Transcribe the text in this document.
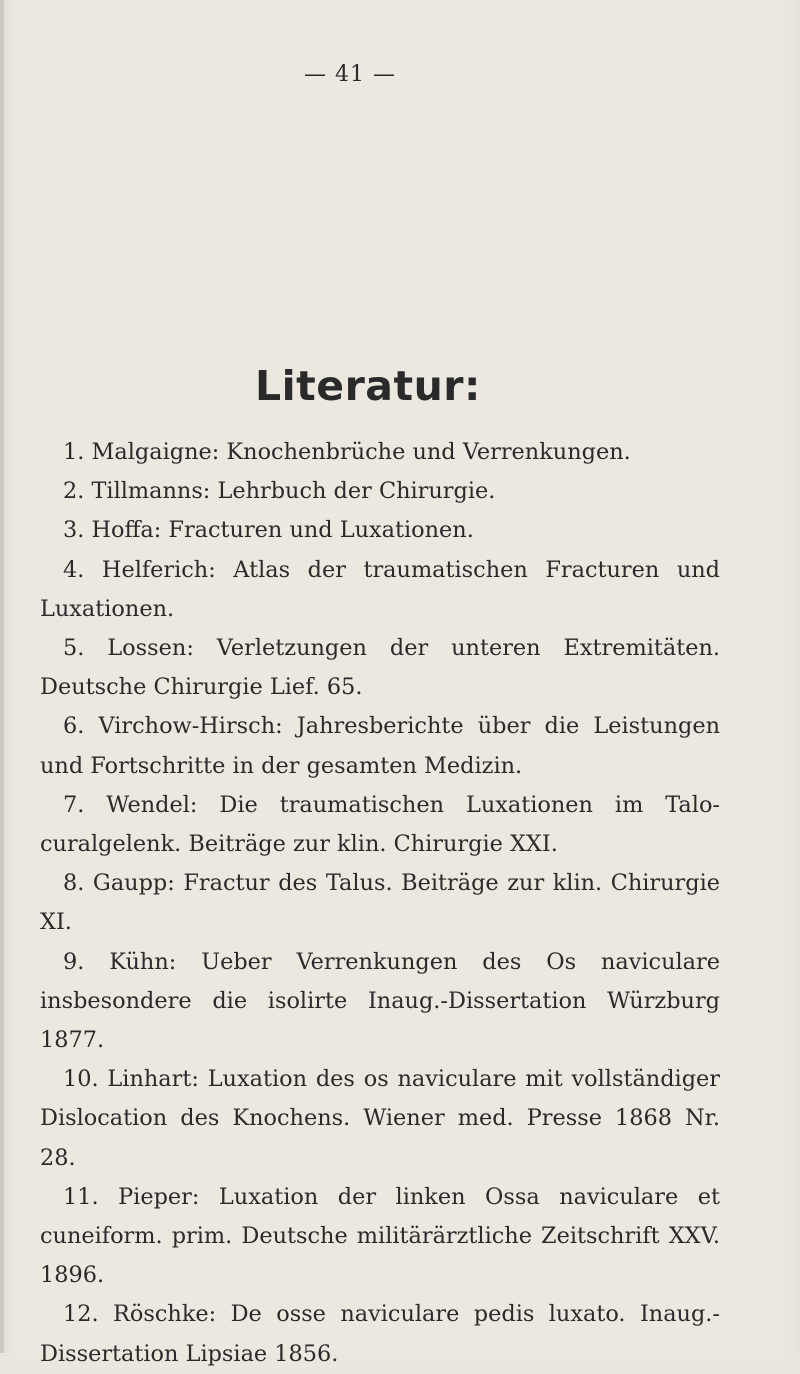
— 41 —
Literatur:
1. Malgaigne: Knochenbrüche und Verrenkungen.
2. Tillmanns: Lehrbuch der Chirurgie.
3. Hoffa: Fracturen und Luxationen.
4. Helferich: Atlas der traumatischen Fracturen und Luxationen.
5. Lossen: Verletzungen der unteren Extremitäten. Deutsche Chirurgie Lief. 65.
6. Virchow-Hirsch: Jahresberichte über die Leistungen und Fortschritte in der gesamten Medizin.
7. Wendel: Die traumatischen Luxationen im Talo-curalgelenk. Beiträge zur klin. Chirurgie XXI.
8. Gaupp: Fractur des Talus. Beiträge zur klin. Chirurgie XI.
9. Kühn: Ueber Verrenkungen des Os naviculare insbesondere die isolirte Inaug.-Dissertation Würzburg 1877.
10. Linhart: Luxation des os naviculare mit vollständiger Dislocation des Knochens. Wiener med. Presse 1868 Nr. 28.
11. Pieper: Luxation der linken Ossa naviculare et cuneiform. prim. Deutsche militärärztliche Zeitschrift XXV. 1896.
12. Röschke: De osse naviculare pedis luxato. Inaug.-Dissertation Lipsiae 1856.
